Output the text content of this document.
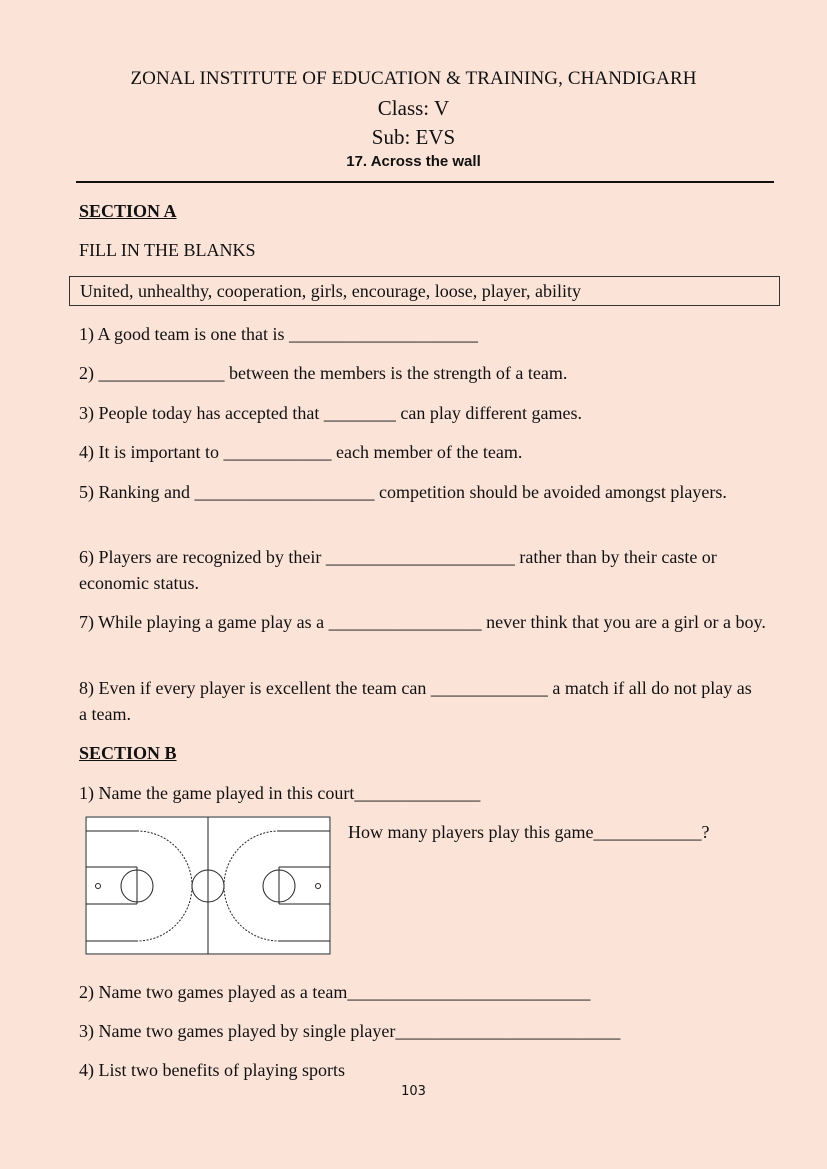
ZONAL INSTITUTE OF EDUCATION & TRAINING, CHANDIGARH
Class: V
Sub: EVS
17. Across the wall
SECTION A
FILL IN THE BLANKS
United, unhealthy, cooperation, girls, encourage, loose, player, ability
1) A good team is one that is _____________________
2) ______________ between the members is the strength of a team.
3) People today has accepted that ________ can play different games.
4) It is important to ____________ each member of the team.
5) Ranking and ____________________ competition should be avoided amongst players.
6) Players are recognized by their _____________________ rather than by their caste or economic status.
7) While playing a game play as a _________________ never think that you are a girl or a boy.
8) Even if every player is excellent the team can _____________ a match if all do not play as a team.
SECTION B
1) Name the game played in this court______________
How many players play this game____________?
2) Name two games played as a team___________________________
3) Name two games played by single player_________________________
4) List two benefits of playing sports
103
